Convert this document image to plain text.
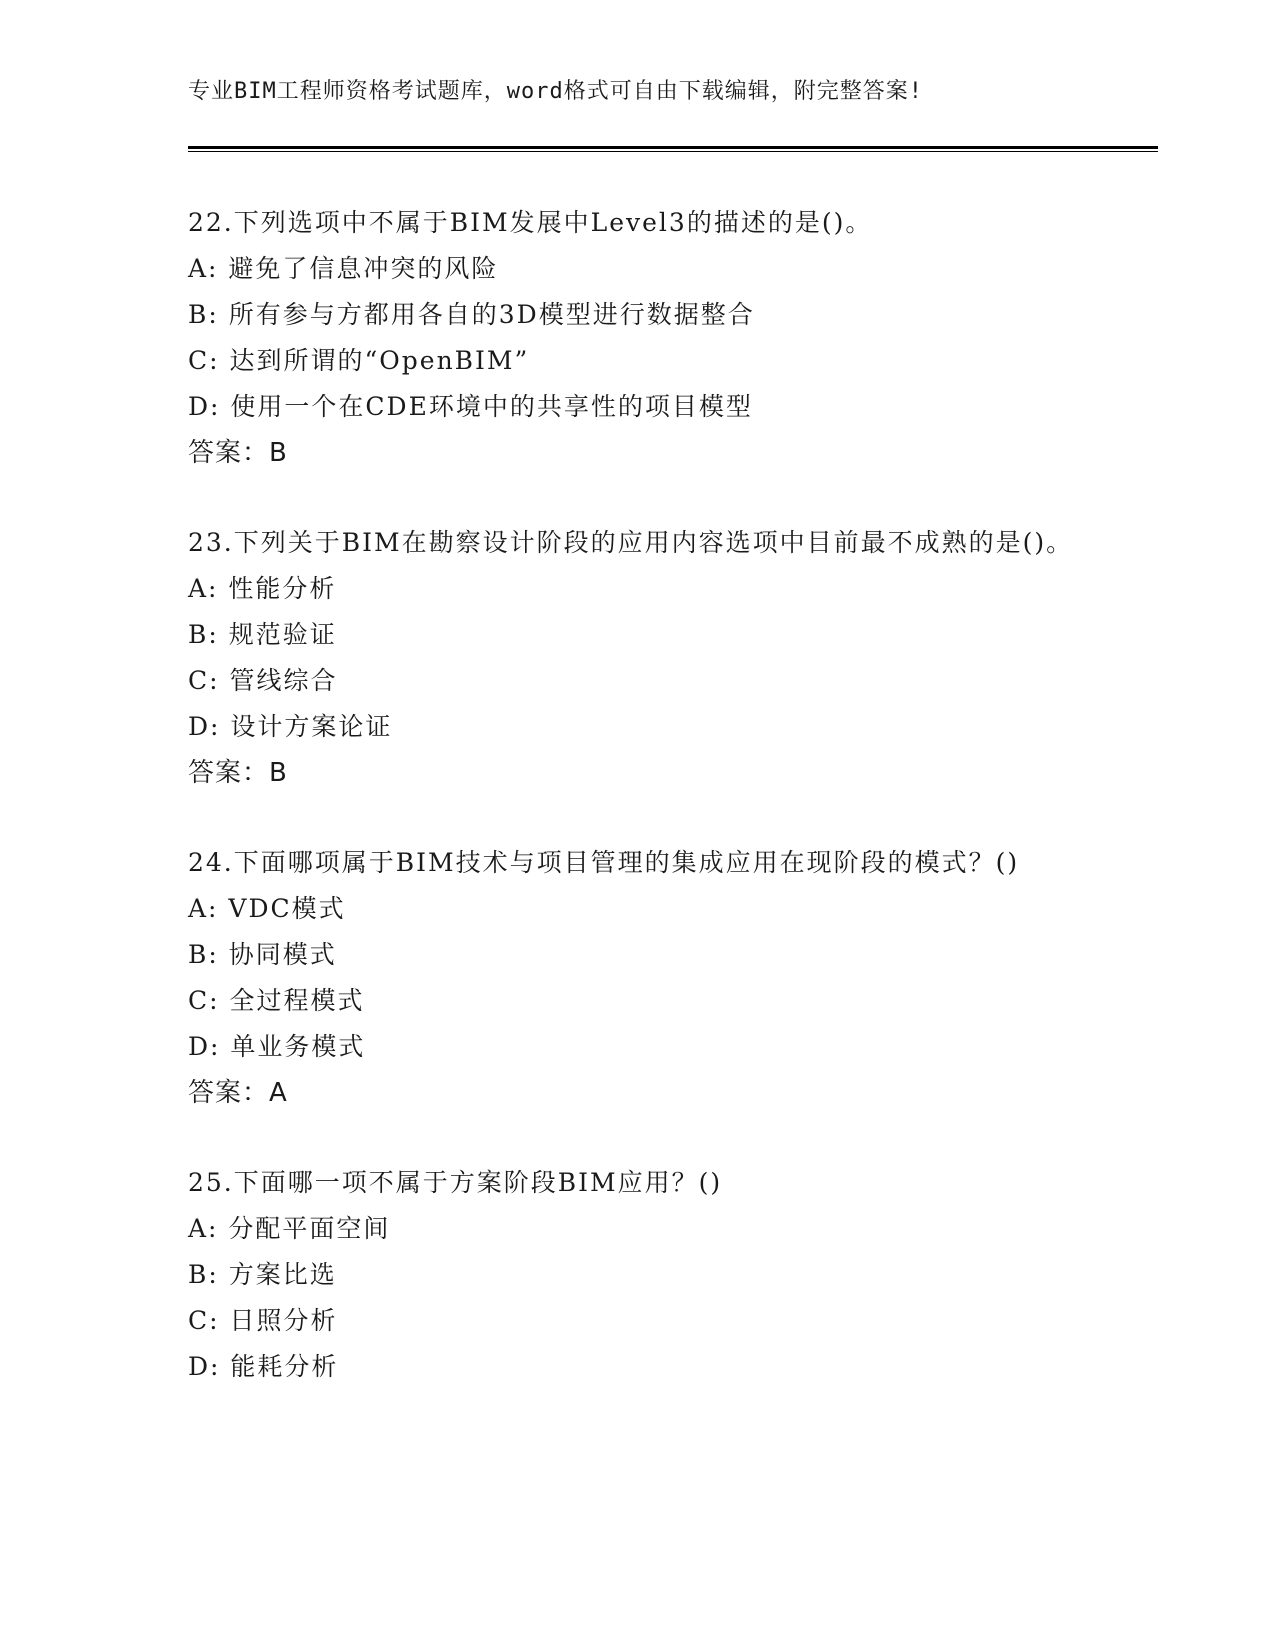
专业BIM工程师资格考试题库，word格式可自由下载编辑，附完整答案!
22.下列选项中不属于BIM发展中Level3的描述的是()。
A: 避免了信息冲突的风险
B: 所有参与方都用各自的3D模型进行数据整合
C: 达到所谓的“OpenBIM”
D: 使用一个在CDE环境中的共享性的项目模型
答案：B
23.下列关于BIM在勘察设计阶段的应用内容选项中目前最不成熟的是()。
A: 性能分析
B: 规范验证
C: 管线综合
D: 设计方案论证
答案：B
24.下面哪项属于BIM技术与项目管理的集成应用在现阶段的模式？()
A: VDC模式
B: 协同模式
C: 全过程模式
D: 单业务模式
答案：A
25.下面哪一项不属于方案阶段BIM应用？()
A: 分配平面空间
B: 方案比选
C: 日照分析
D: 能耗分析
